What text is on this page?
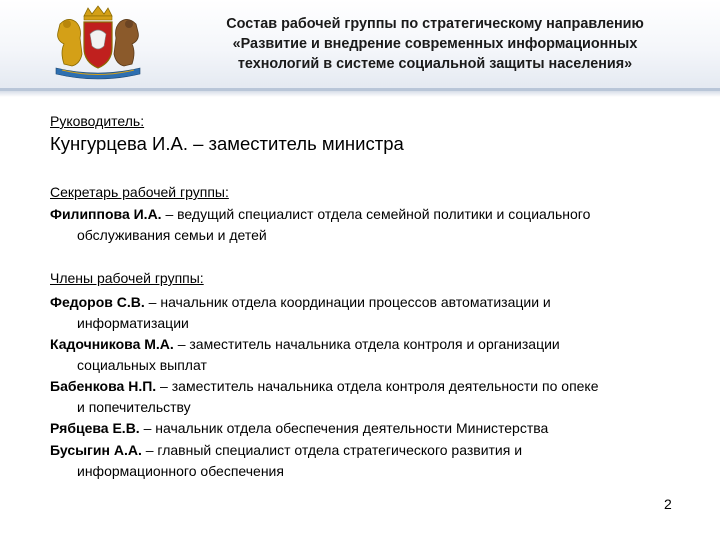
Состав рабочей группы по стратегическому направлению
«Развитие и внедрение современных информационных
технологий в системе социальной защиты населения»
Руководитель:
Кунгурцева И.А. – заместитель министра
Секретарь рабочей группы:
Филиппова И.А. – ведущий специалист отдела семейной политики и социального
обслуживания семьи и детей
Члены рабочей группы:
Федоров С.В. – начальник отдела координации процессов автоматизации и
информатизации
Кадочникова М.А. – заместитель начальника отдела контроля и организации
социальных выплат
Бабенкова Н.П. – заместитель начальника отдела контроля деятельности по опеке
и попечительству
Рябцева Е.В. – начальник отдела обеспечения деятельности Министерства
Бусыгин А.А. – главный специалист отдела стратегического развития и
информационного обеспечения
2
